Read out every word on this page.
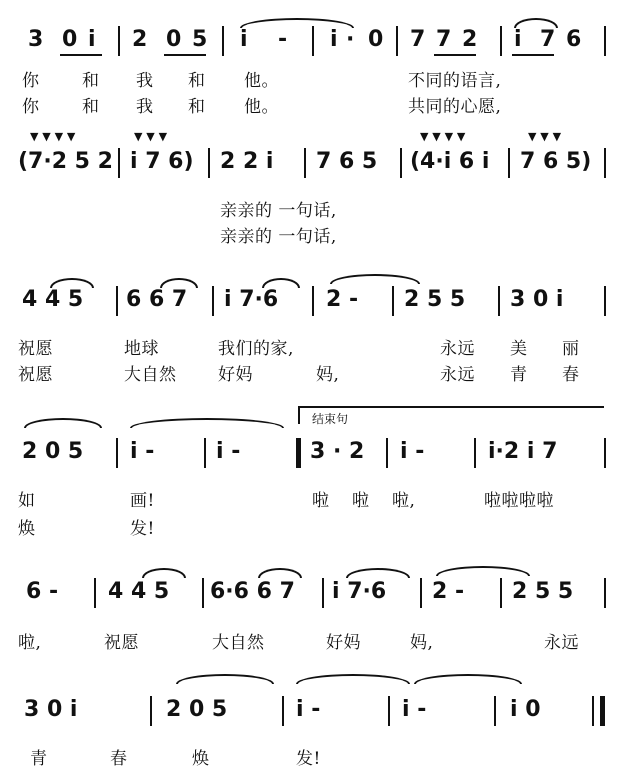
3 0 i 2 0 5 i - i · 0 7 7 2 i 7 6
你	和 我 和 他。	不同的语言,
你	和 我 和 他。	共同的心愿,
▼ ▼ ▼ ▼	▼ ▼ ▼	▼ ▼ ▼ ▼	▼ ▼ ▼
(7·2 5 2 i 7 6) 2 2 i 7 6 5 (4·i 6 i 7 6 5)
亲亲的 一句话,
亲亲的 一句话,
4 4 5 6 6 7 i 7·6 2 - 2 5 5 3 0 i
祝愿	地球	我们的家,	永远 美 丽
祝愿	大自然 好妈	妈,	永远 青 春
结束句
2 0 5 i -	i -	3 · 2 i -	i·2 i 7
如	画!	啦 啦 啦,	啦啦啦啦
焕	发!
6 - 4 4 5 6·6 6 7 i 7·6 2 - 2 5 5
啦,	祝愿	大自然	好妈	妈,	永远
3 0 i	2 0 5	i -	i -	i 0
青	春	焕	发!
